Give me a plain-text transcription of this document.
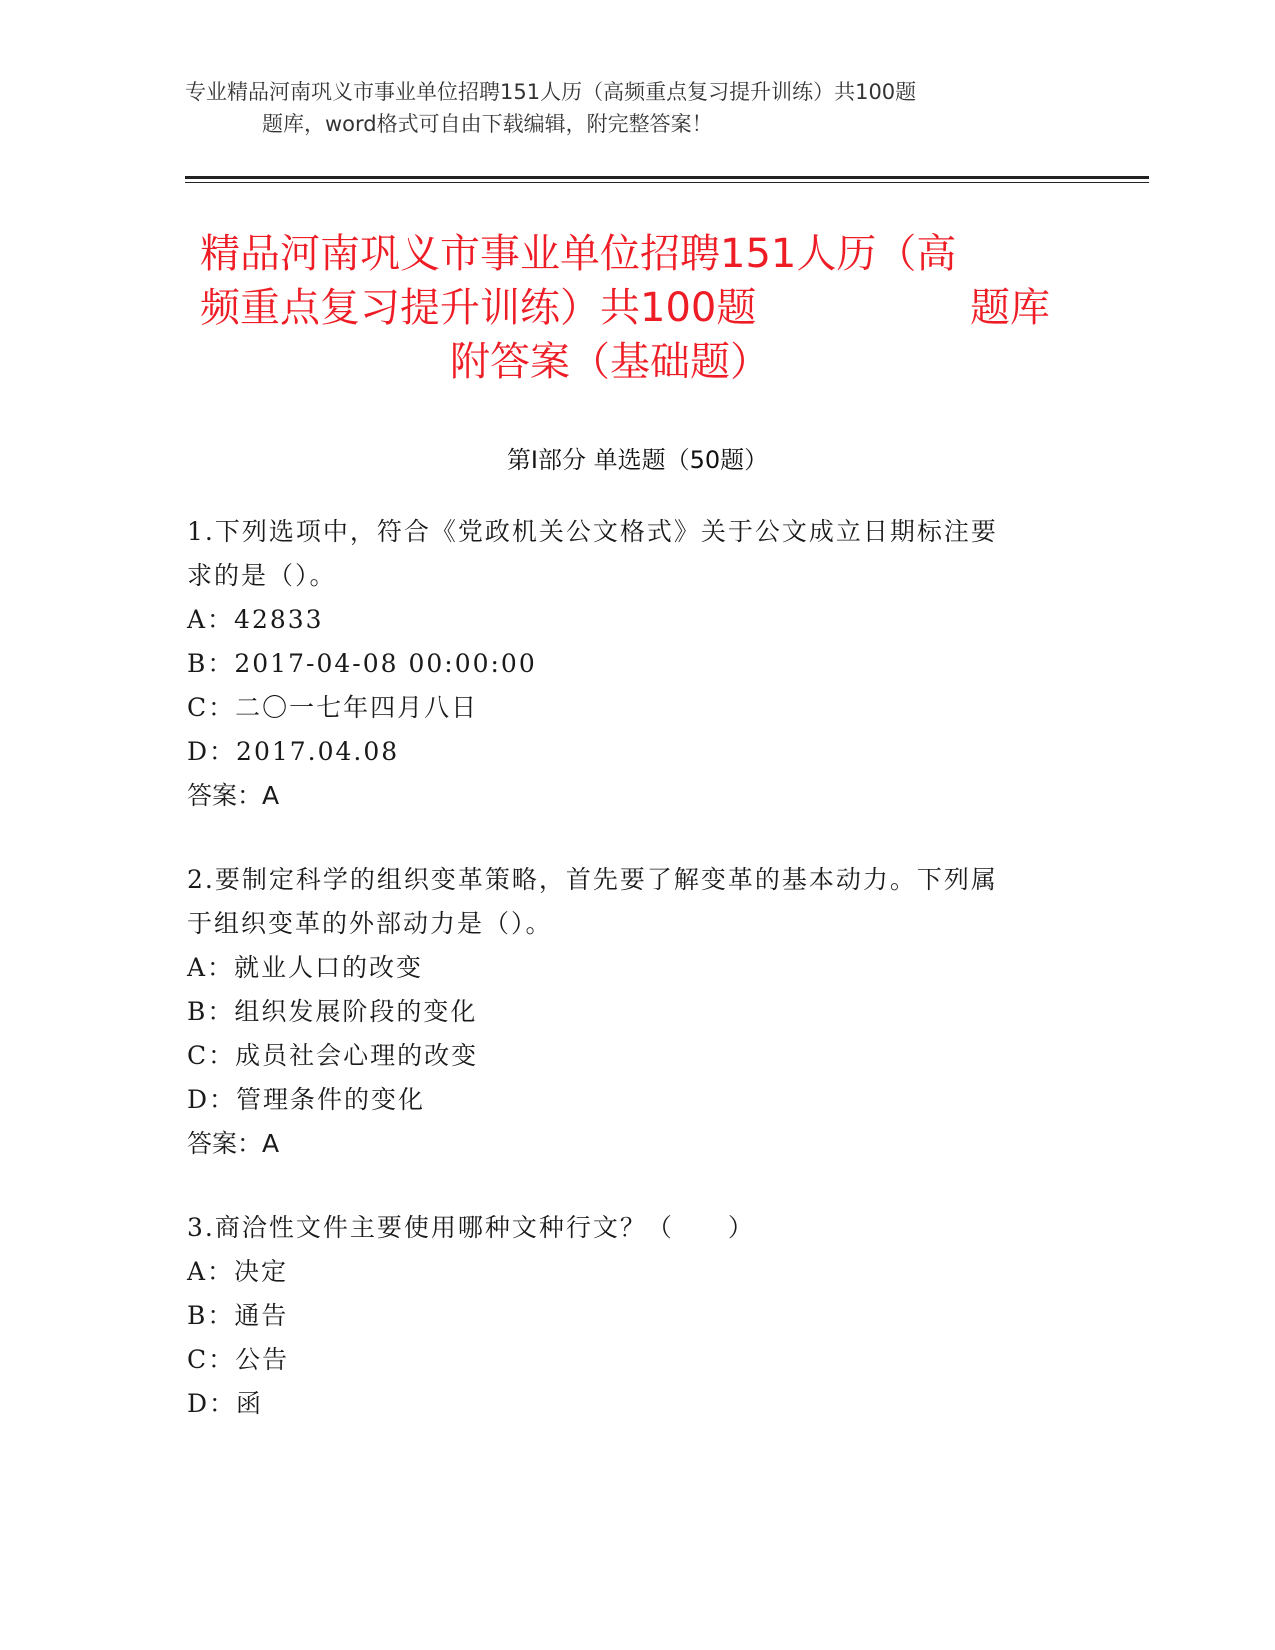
专业精品河南巩义市事业单位招聘151人历（高频重点复习提升训练）共100题
题库，word格式可自由下载编辑，附完整答案！
精品河南巩义市事业单位招聘151人历（高
频重点复习提升训练）共100题	题库
附答案（基础题）
第Ⅰ部分 单选题（50题）
1.下列选项中，符合《党政机关公文格式》关于公文成立日期标注要
求的是（）。
A：42833
B：2017-04-08 00:00:00
C：二〇一七年四月八日
D：2017.04.08
答案：A
2.要制定科学的组织变革策略，首先要了解变革的基本动力。下列属
于组织变革的外部动力是（）。
A：就业人口的改变
B：组织发展阶段的变化
C：成员社会心理的改变
D：管理条件的变化
答案：A
3.商洽性文件主要使用哪种文种行文？（　　）
A：决定
B：通告
C：公告
D：函
